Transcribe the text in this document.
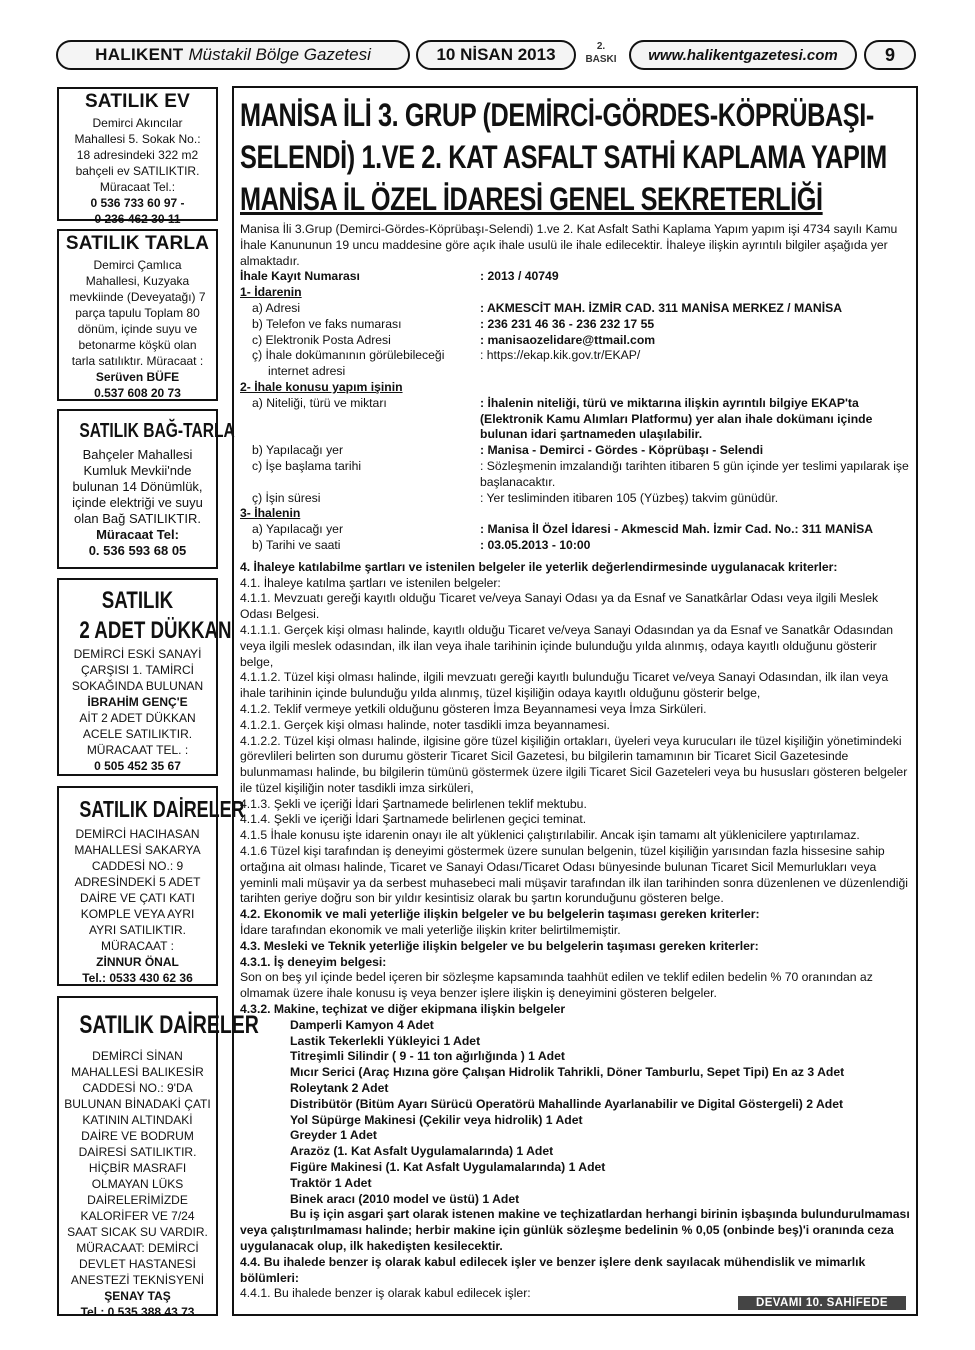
HALIKENT Müstakil Bölge Gazetesi	10 NİSAN 2013	2.
BASKI	www.halikentgazetesi.com	9
SATILIK EV
Demirci Akıncılar
Mahallesi 5. Sokak No.:
18 adresindeki 322 m2
bahçeli ev SATILIKTIR.
Müracaat Tel.:
0 536 733 60 97 -
0 236 462 30 11
SATILIK TARLA
Demirci Çamlıca
Mahallesi, Kuzyaka
mevkiinde (Deveyatağı) 7
parça tapulu Toplam 80
dönüm, içinde suyu ve
betonarme köşkü olan
tarla satılıktır. Müracaat :
Serüven BÜFE
0.537 608 20 73
SATILIK BAĞ-TARLA
Bahçeler Mahallesi
Kumluk Mevkii'nde
bulunan 14 Dönümlük,
içinde elektriği ve suyu
olan Bağ SATILIKTIR.
Müracaat Tel:
0. 536 593 68 05
SATILIK
2 ADET DÜKKAN
DEMİRCİ ESKİ SANAYİ
ÇARŞISI 1. TAMİRCİ
SOKAĞINDA BULUNAN
İBRAHİM GENÇ'E
AİT 2 ADET DÜKKAN
ACELE SATILIKTIR.
MÜRACAAT TEL. :
0 505 452 35 67
SATILIK DAİRELER
DEMİRCİ HACIHASAN
MAHALLESİ SAKARYA
CADDESİ NO.: 9
ADRESİNDEKİ 5 ADET
DAİRE VE ÇATI KATI
KOMPLE VEYA AYRI
AYRI SATILIKTIR.
MÜRACAAT :
ZİNNUR ÖNAL
Tel.: 0533 430 62 36
SATILIK DAİRELER
DEMİRCİ SİNAN
MAHALLESİ BALIKESİR
CADDESİ NO.: 9'DA
BULUNAN BİNADAKİ ÇATI
KATININ ALTINDAKİ
DAİRE VE BODRUM
DAİRESİ SATILIKTIR.
HİÇBİR MASRAFI
OLMAYAN LÜKS
DAİRELERİMİZDE
KALORİFER VE 7/24
SAAT SICAK SU VARDIR.
MÜRACAAT: DEMİRCİ
DEVLET HASTANESİ
ANESTEZİ TEKNİSYENİ
ŞENAY TAŞ
Tel.: 0 535 388 43 73
MANİSA İLİ 3. GRUP (DEMİRCİ-GÖRDES-KÖPRÜBAŞI-
SELENDİ) 1.VE 2. KAT ASFALT SATHİ KAPLAMA YAPIM
MANİSA İL ÖZEL İDARESİ GENEL SEKRETERLİĞİ

Manisa İli 3.Grup (Demirci-Gördes-Köprübaşı-Selendi) 1.ve 2. Kat Asfalt Sathi Kaplama Yapım yapım işi 4734 sayılı Kamu İhale Kanununun 19 uncu maddesine göre açık ihale usulü ile ihale edilecektir. İhaleye ilişkin ayrıntılı bilgiler aşağıda yer almaktadır.

İhale Kayıt Numarası	: 2013 / 40749

1- İdarenin

a) Adresi	: AKMESCİT MAH. İZMİR CAD. 311 MANİSA MERKEZ / MANİSA
b) Telefon ve faks numarası	: 236 231 46 36 - 236 232 17 55
c) Elektronik Posta Adresi	: manisaozelidare@ttmail.com
ç) İhale dokümanının görülebileceği	: https://ekap.kik.gov.tr/EKAP/

internet adresi

2- İhale konusu yapım işinin

a) Niteliği, türü ve miktarı	: İhalenin niteliği, türü ve miktarına ilişkin ayrıntılı bilgiye EKAP'ta (Elektronik Kamu Alımları Platformu) yer alan ihale dokümanı içinde bulunan idari şartnameden ulaşılabilir.
b) Yapılacağı yer	: Manisa - Demirci - Gördes - Köprübaşı - Selendi
c) İşe başlama tarihi	: Sözleşmenin imzalandığı tarihten itibaren 5 gün içinde yer teslimi yapılarak işe başlanacaktır.
ç) İşin süresi	: Yer tesliminden itibaren 105 (Yüzbeş) takvim günüdür.

3- İhalenin

a) Yapılacağı yer	: Manisa İl Özel İdaresi - Akmescid Mah. İzmir Cad. No.: 311 MANİSA
b) Tarihi ve saati	: 03.05.2013 - 10:00

4. İhaleye katılabilme şartları ve istenilen belgeler ile yeterlik değerlendirmesinde uygulanacak kriterler:

4.1. İhaleye katılma şartları ve istenilen belgeler:

4.1.1. Mevzuatı gereği kayıtlı olduğu Ticaret ve/veya Sanayi Odası ya da Esnaf ve Sanatkârlar Odası veya ilgili Meslek Odası Belgesi.

4.1.1.1. Gerçek kişi olması halinde, kayıtlı olduğu Ticaret ve/veya Sanayi Odasından ya da Esnaf ve Sanatkâr Odasından veya ilgili meslek odasından, ilk ilan veya ihale tarihinin içinde bulunduğu yılda alınmış, odaya kayıtlı olduğunu gösterir belge,

4.1.1.2. Tüzel kişi olması halinde, ilgili mevzuatı gereği kayıtlı bulunduğu Ticaret ve/veya Sanayi Odasından, ilk ilan veya ihale tarihinin içinde bulunduğu yılda alınmış, tüzel kişiliğin odaya kayıtlı olduğunu gösterir belge,

4.1.2. Teklif vermeye yetkili olduğunu gösteren İmza Beyannamesi veya İmza Sirküleri.

4.1.2.1. Gerçek kişi olması halinde, noter tasdikli imza beyannamesi.

4.1.2.2. Tüzel kişi olması halinde, ilgisine göre tüzel kişiliğin ortakları, üyeleri veya kurucuları ile tüzel kişiliğin yönetimindeki görevlileri belirten son durumu gösterir Ticaret Sicil Gazetesi, bu bilgilerin tamamının bir Ticaret Sicil Gazetesinde bulunmaması halinde, bu bilgilerin tümünü göstermek üzere ilgili Ticaret Sicil Gazeteleri veya bu hususları gösteren belgeler ile tüzel kişiliğin noter tasdikli imza sirküleri,

4.1.3. Şekli ve içeriği İdari Şartnamede belirlenen teklif mektubu.

4.1.4. Şekli ve içeriği İdari Şartnamede belirlenen geçici teminat.

4.1.5 İhale konusu işte idarenin onayı ile alt yüklenici çalıştırılabilir. Ancak işin tamamı alt yüklenicilere yaptırılamaz.

4.1.6 Tüzel kişi tarafından iş deneyimi göstermek üzere sunulan belgenin, tüzel kişiliğin yarısından fazla hissesine sahip ortağına ait olması halinde, Ticaret ve Sanayi Odası/Ticaret Odası bünyesinde bulunan Ticaret Sicil Memurlukları veya yeminli mali müşavir ya da serbest muhasebeci mali müşavir tarafından ilk ilan tarihinden sonra düzenlenen ve düzenlendiği tarihten geriye doğru son bir yıldır kesintisiz olarak bu şartın korunduğunu gösteren belge.

4.2. Ekonomik ve mali yeterliğe ilişkin belgeler ve bu belgelerin taşıması gereken kriterler:

İdare tarafından ekonomik ve mali yeterliğe ilişkin kriter belirtilmemiştir.

4.3. Mesleki ve Teknik yeterliğe ilişkin belgeler ve bu belgelerin taşıması gereken kriterler:

4.3.1. İş deneyim belgesi:

Son on beş yıl içinde bedel içeren bir sözleşme kapsamında taahhüt edilen ve teklif edilen bedelin % 70 oranından az olmamak üzere ihale konusu iş veya benzer işlere ilişkin iş deneyimini gösteren belgeler.

4.3.2. Makine, teçhizat ve diğer ekipmana ilişkin belgeler

Damperli Kamyon 4 Adet

Lastik Tekerlekli Yükleyici 1 Adet

Titreşimli Silindir ( 9 - 11 ton ağırlığında ) 1 Adet

Mıcır Serici (Araç Hızına göre Çalışan Hidrolik Tahrikli, Döner Tamburlu, Sepet Tipi) En az 3 Adet

Roleytank 2 Adet

Distribütör (Bitüm Ayarı Sürücü Operatörü Mahallinde Ayarlanabilir ve Digital Göstergeli) 2 Adet

Yol Süpürge Makinesi (Çekilir veya hidrolik) 1 Adet

Greyder 1 Adet

Arazöz (1. Kat Asfalt Uygulamalarında) 1 Adet

Figüre Makinesi (1. Kat Asfalt Uygulamalarında) 1 Adet

Traktör 1 Adet

Binek aracı (2010 model ve üstü) 1 Adet

Bu iş için asgari şart olarak istenen makine ve teçhizatlardan herhangi birinin işbaşında bulundurulmaması veya çalıştırılmaması halinde; herbir makine için günlük sözleşme bedelinin % 0,05 (onbinde beş)'i oranında ceza uygulanacak olup, ilk hakedişten kesilecektir.

4.4. Bu ihalede benzer iş olarak kabul edilecek işler ve benzer işlere denk sayılacak mühendislik ve mimarlık bölümleri:

4.4.1. Bu ihalede benzer iş olarak kabul edilecek işler:

DEVAMI 10. SAHİFEDE
